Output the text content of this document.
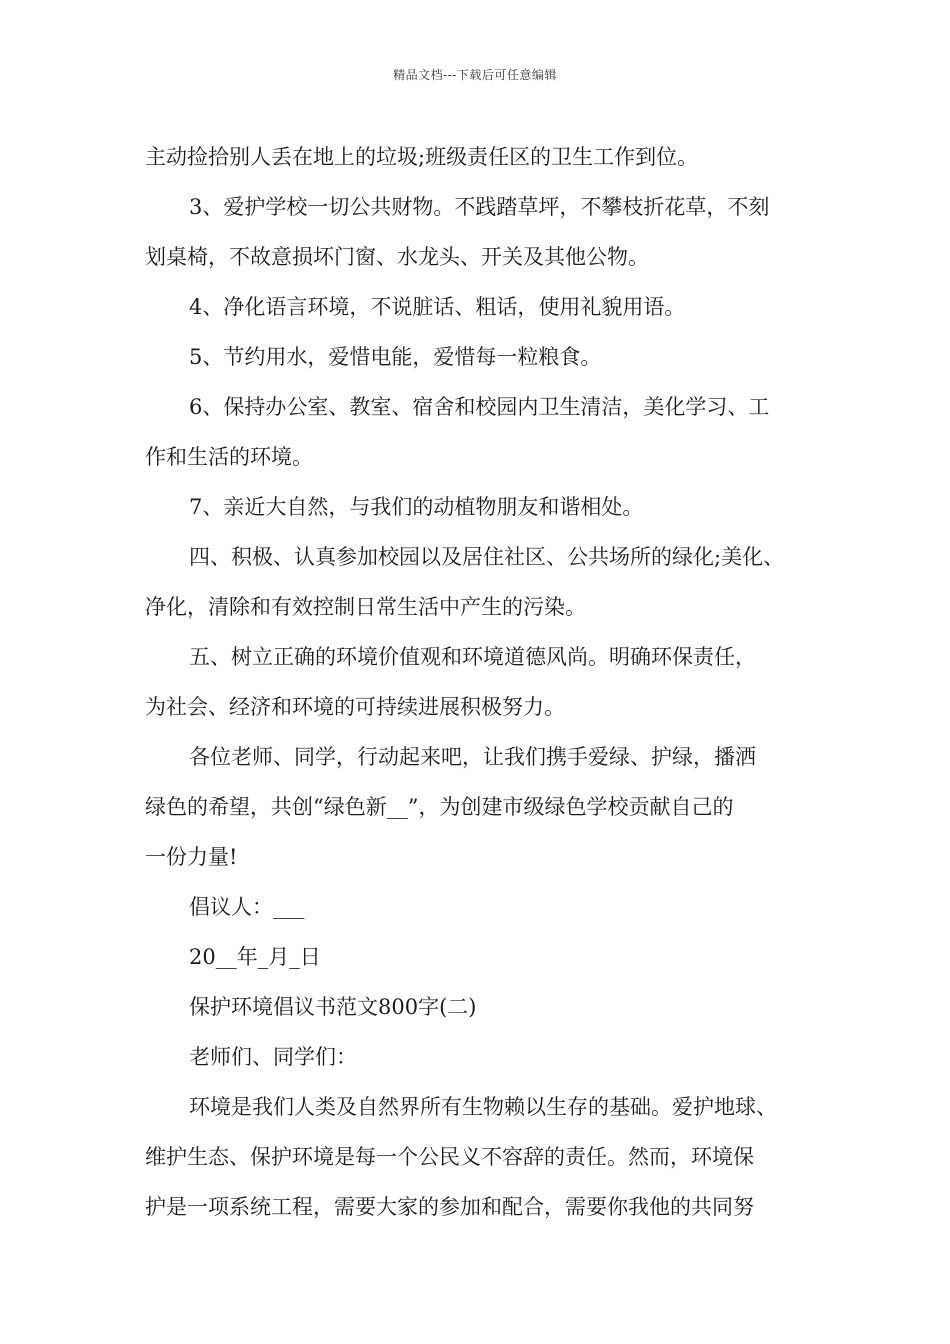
精品文档---下载后可任意编辑

主动捡拾别人丢在地上的垃圾;班级责任区的卫生工作到位。

3、爱护学校一切公共财物。不践踏草坪，不攀枝折花草，不刻

划桌椅，不故意损坏门窗、水龙头、开关及其他公物。

4、净化语言环境，不说脏话、粗话，使用礼貌用语。

5、节约用水，爱惜电能，爱惜每一粒粮食。

6、保持办公室、教室、宿舍和校园内卫生清洁，美化学习、工

作和生活的环境。

7、亲近大自然，与我们的动植物朋友和谐相处。

四、积极、认真参加校园以及居住社区、公共场所的绿化;美化、

净化，清除和有效控制日常生活中产生的污染。

五、树立正确的环境价值观和环境道德风尚。明确环保责任，

为社会、经济和环境的可持续进展积极努力。

各位老师、同学，行动起来吧，让我们携手爱绿、护绿，播洒

绿色的希望，共创“绿色新__”，为创建市级绿色学校贡献自己的

一份力量!

倡议人：___

20__年_月_日

保护环境倡议书范文800字(二)

老师们、同学们：

环境是我们人类及自然界所有生物赖以生存的基础。爱护地球、

维护生态、保护环境是每一个公民义不容辞的责任。然而，环境保

护是一项系统工程，需要大家的参加和配合，需要你我他的共同努
